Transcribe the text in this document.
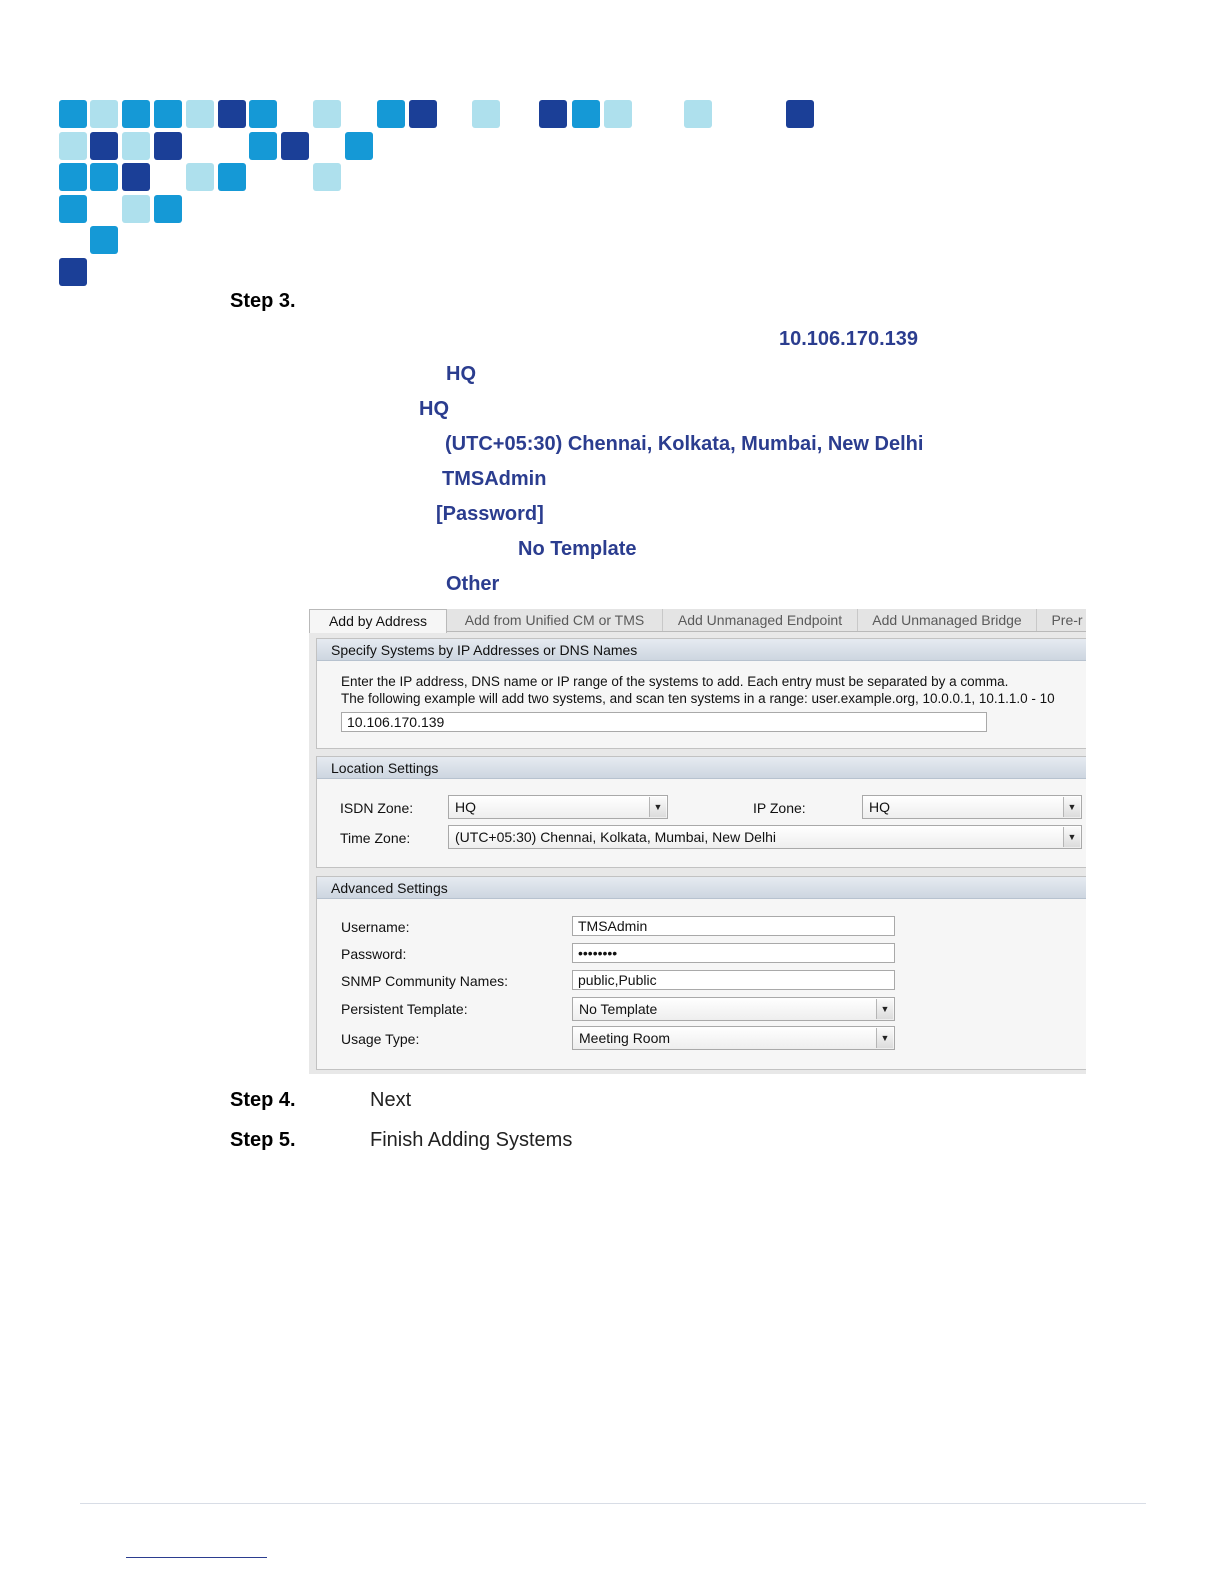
Step 3.
10.106.170.139
HQ
HQ
(UTC+05:30) Chennai, Kolkata, Mumbai, New Delhi
TMSAdmin
[Password]
No Template
Other
Add by Address	Add from Unified CM or TMS	Add Unmanaged Endpoint	Add Unmanaged Bridge	Pre-r
Specify Systems by IP Addresses or DNS Names
Enter the IP address, DNS name or IP range of the systems to add. Each entry must be separated by a comma.
The following example will add two systems, and scan ten systems in a range: user.example.org, 10.0.0.1, 10.1.1.0 - 10
10.106.170.139
Location Settings
ISDN Zone:	HQ	▼	IP Zone:	HQ	▼
Time Zone:	(UTC+05:30) Chennai, Kolkata, Mumbai, New Delhi	▼
Advanced Settings
Username:	TMSAdmin
Password:	••••••••
SNMP Community Names:	public,Public
Persistent Template:	No Template	▼
Usage Type:	Meeting Room	▼
Step 4.	Next
Step 5.	Finish Adding Systems
